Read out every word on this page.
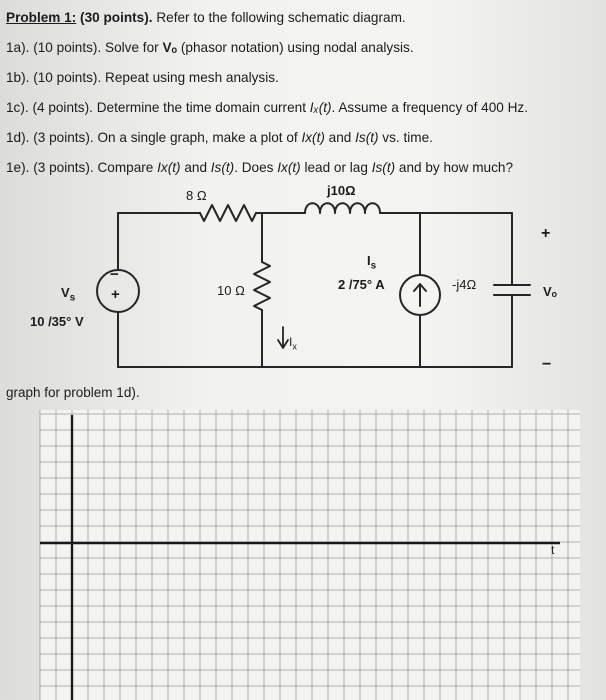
Problem 1: (30 points). Refer to the following schematic diagram.
1a). (10 points). Solve for Vₒ (phasor notation) using nodal analysis.
1b). (10 points). Repeat using mesh analysis.
1c). (4 points). Determine the time domain current Iₓ(t). Assume a frequency of 400 Hz.
1d). (3 points). On a single graph, make a plot of Ix(t) and Is(t) vs. time.
1e). (3 points). Compare Ix(t) and Is(t). Does Ix(t) lead or lag Is(t) and by how much?
8 Ω	j10Ω
−
+
$V_s$
10 /35° V
10 Ω
$I_x$
$I_s$
2 /75° A	-j4Ω
+
Vₒ
−
graph for problem 1d).
t
